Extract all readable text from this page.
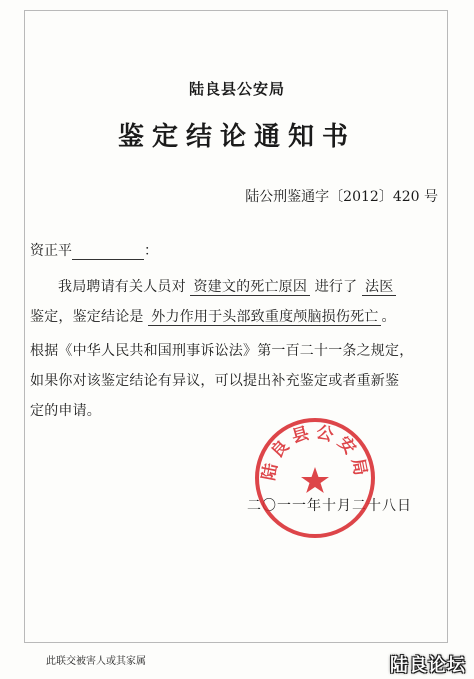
陆良县公安局
鉴定结论通知书
陆公刑鉴通字〔2012〕420 号
资正平	：
我局聘请有关人员对 资建文的死亡原因 进行了 法医
鉴定，鉴定结论是 外力作用于头部致重度颅脑损伤死亡 。
根据《中华人民共和国刑事诉讼法》第一百二十一条之规定，
如果你对该鉴定结论有异议，可以提出补充鉴定或者重新鉴
定的申请。
二〇一一年十月二十八日
陆良县公安局
此联交被害人或其家属	陆良论坛
